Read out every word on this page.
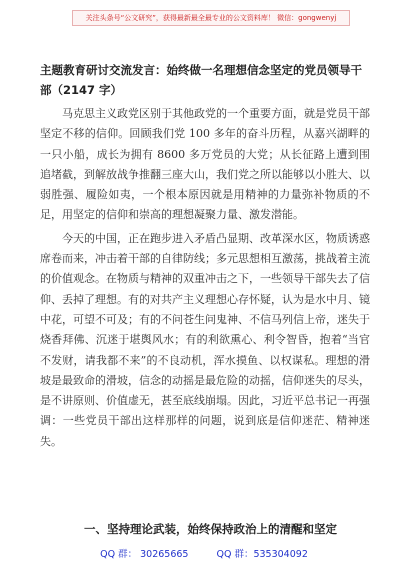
关注头条号“公文研究”，获得最新最全最专业的公文资料库！ 微信：gongwenyj
主题教育研讨交流发言：始终做一名理想信念坚定的党员领导干部（2147 字）

马克思主义政党区别于其他政党的一个重要方面，就是党员干部坚定不移的信仰。回顾我们党 100 多年的奋斗历程，从嘉兴湖畔的一只小船，成长为拥有 8600 多万党员的大党；从长征路上遭到围追堵截，到解放战争推翻三座大山，我们党之所以能够以小胜大、以弱胜强、履险如夷，一个根本原因就是用精神的力量弥补物质的不足，用坚定的信仰和崇高的理想凝聚力量、激发潜能。

今天的中国，正在跑步进入矛盾凸显期、改革深水区，物质诱惑席卷而来，冲击着干部的自律防线；多元思想相互激荡，挑战着主流的价值观念。在物质与精神的双重冲击之下，一些领导干部失去了信仰、丢掉了理想。有的对共产主义理想心存怀疑，认为是水中月、镜中花，可望不可及；有的不问苍生问鬼神、不信马列信上帝，迷失于烧香拜佛、沉迷于堪舆风水；有的利欲熏心、利令智昏，抱着“当官不发财，请我都不来”的不良动机，浑水摸鱼、以权谋私。理想的滑坡是最致命的滑坡，信念的动摇是最危险的动摇，信仰迷失的尽头，是不讲原则、价值虚无，甚至底线崩塌。因此，习近平总书记一再强调：一些党员干部出这样那样的问题，说到底是信仰迷茫、精神迷失。

一、坚持理论武装，始终保持政治上的清醒和坚定
QQ 群： 30265665	QQ 群：535304092
